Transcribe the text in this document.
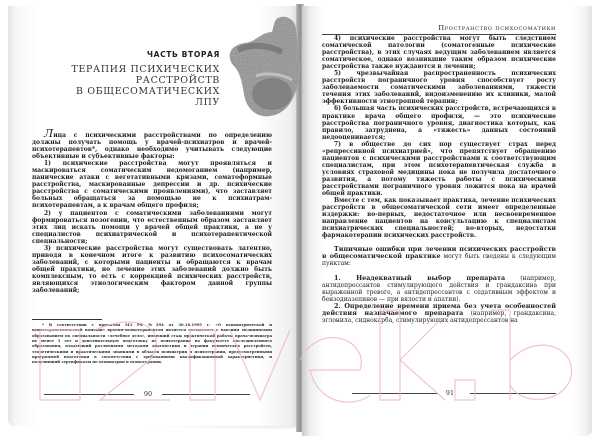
ЧАСТЬ ВТОРАЯ
ТЕРАПИЯ ПСИХИЧЕСКИХ
РАССТРОЙСТВ
В ОБЩЕСОМАТИЧЕСКИХ ЛПУ

Лица с психическими расстройствами по определению должны получать помощь у врачей-психиатров и врачей-психотерапевтов*, однако необходимо учитывать следующие объективные и субъективные факторы:

1) психические расстройства могут проявляться и маскироваться соматическим недомоганием (например, панические атаки с вегетативными кризами, соматоформные расстройства, маскированные депрессии и др. психические расстройства с соматическими проявлениями), что заставляет больных обращаться за помощью не к психиатрам-психотерапевтам, а к врачам общего профиля;

2) у пациентов с соматическими заболеваниями могут формироваться нозогении, что естественным образом заставляет этих лиц искать помощи у врачей общей практики, а не у специалистов психиатрической и психотерапевтической специальности;

3) психические расстройства могут существовать латентно, приводя в конечном итоге к развитию психосоматических заболеваний, с которыми пациенты и обращаются к врачам общей практики, но лечение этих заболеваний должно быть комплексным, то есть с коррекцией психических расстройств, являющихся этиологическим фактором данной группы заболеваний;

* В соответствии с приказом МЗ РФ №294 от 30.10.1995 г. «О психиатрической и психотерапевтической помощи» врачом-психотерапевтом является специалист с высшим медицинским образованием по специальности «лечебное дело», имеющий стаж практической работы врача-психиатра не менее 3 лет и дополнительную подготовку по психотерапии на факультете последипломного образования, владеющий различными методами диагностики и терапии психических расстройств, теоретическими и практическими знаниями в области психиатрии и психотерапии, предусмотренными программой подготовки в соответствии с требованиями квалификационной характеристики, и получивший сертификаты по психиатрии и психотерапии.

90
Пространство психосоматики

4) психические расстройства могут быть следствием соматической патологии (соматогенные психические расстройства), в этих случаях ведущим заболеванием является соматическое, однако возникшие таким образом психические расстройства также нуждаются в лечении;

5) чрезвычайная распространенность психических расстройств пограничного уровня способствует росту заболеваемости соматическими заболеваниями, тяжести течения этих заболеваний, видоизменению их клиники, малой эффективности этиотропной терапии;

6) большая часть психических расстройств, встречающихся в практике врача общего профиля, — это психические расстройства пограничного уровня, диагностика которых, как правило, затруднена, а «тяжесть» данных состояний недооценивается;

7) в обществе до сих пор существует страх перед «репрессивной психиатрией», что препятствует обращению пациентов с психическими расстройствами к соответствующим специалистам, при этом психотерапевтическая служба в условиях страховой медицины пока не получила достаточного развития, а потому тяжесть работы с психическими расстройствами пограничного уровня ложится пока на врачей общей практики.

Вместе с тем, как показывает практика, лечение психических расстройств в общесоматической сети имеет определенные издержки: во-первых, недостаточное или несвоевременное направление пациентов на консультацию к специалистам психиатрических специальностей; во-вторых, недостатки фармакотерапии психических расстройств.

Типичные ошибки при лечении психических расстройств в общесоматической практике могут быть сведены к следующим пунктам:

1. Неадекватный выбор препарата (например, антидепрессантов стимулирующего действия и грандаксина при выраженной тревоге, а антидепрессантов с седативным эффектом и бензодиазепинов — при вялости и апатии).

2. Определение времени приема без учета особенностей действия назначаемого препарата (например, грандаксина, эглонила, сиднокарба, стимулирующих антидепрессантов на

91
